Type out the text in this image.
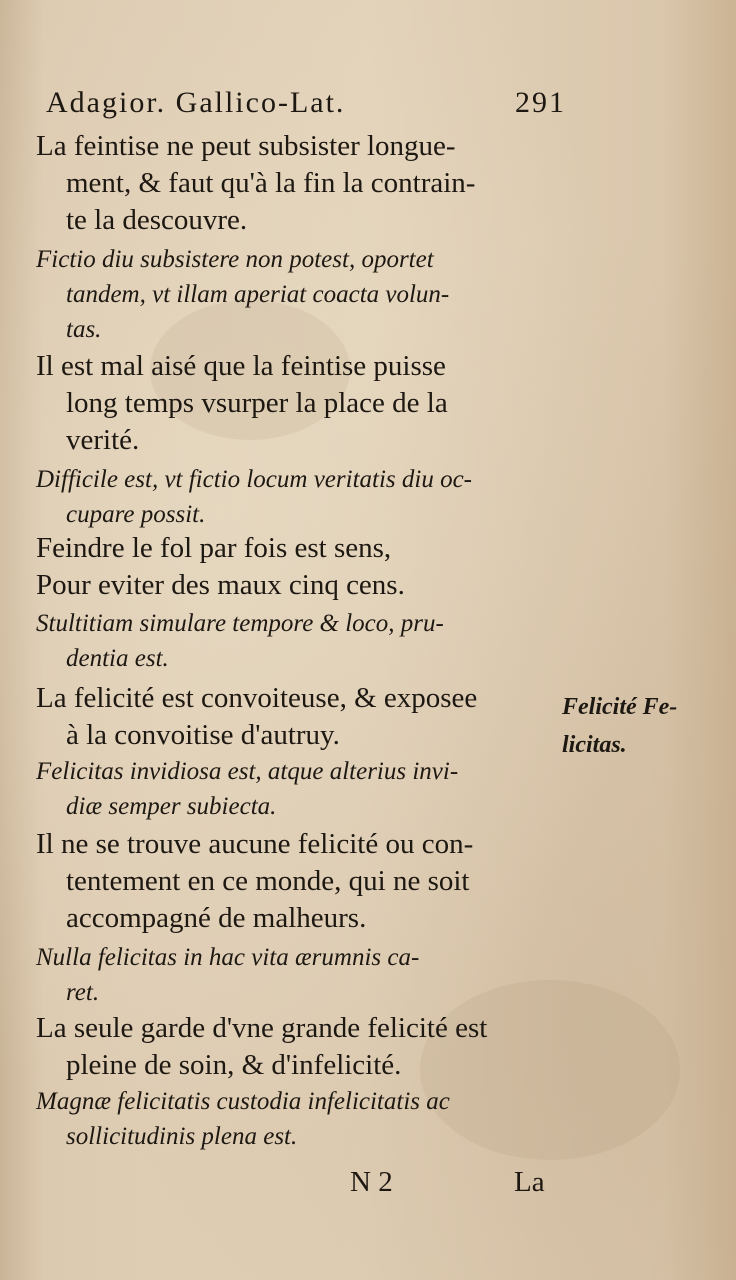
Adagior. Gallico-Lat.	291
La feintise ne peut subsister longue-
ment, & faut qu'à la fin la contrain-
te la descouvre.
Fictio diu subsistere non potest, oportet
tandem, vt illam aperiat coacta volun-
tas.
Il est mal aisé que la feintise puisse
long temps vsurper la place de la
verité.
Difficile est, vt fictio locum veritatis diu oc-
cupare possit.
Feindre le fol par fois est sens,
Pour eviter des maux cinq cens.
Stultitiam simulare tempore & loco, pru-
dentia est.
La felicité est convoiteuse, & exposee
à la convoitise d'autruy.
Felicitas invidiosa est, atque alterius invi-
diæ semper subiecta.
Il ne se trouve aucune felicité ou con-
tentement en ce monde, qui ne soit
accompagné de malheurs.
Nulla felicitas in hac vita ærumnis ca-
ret.
La seule garde d'vne grande felicité est
pleine de soin, & d'infelicité.
Magnæ felicitatis custodia infelicitatis ac
sollicitudinis plena est.
Felicité Fe-
licitas.
N 2	La
